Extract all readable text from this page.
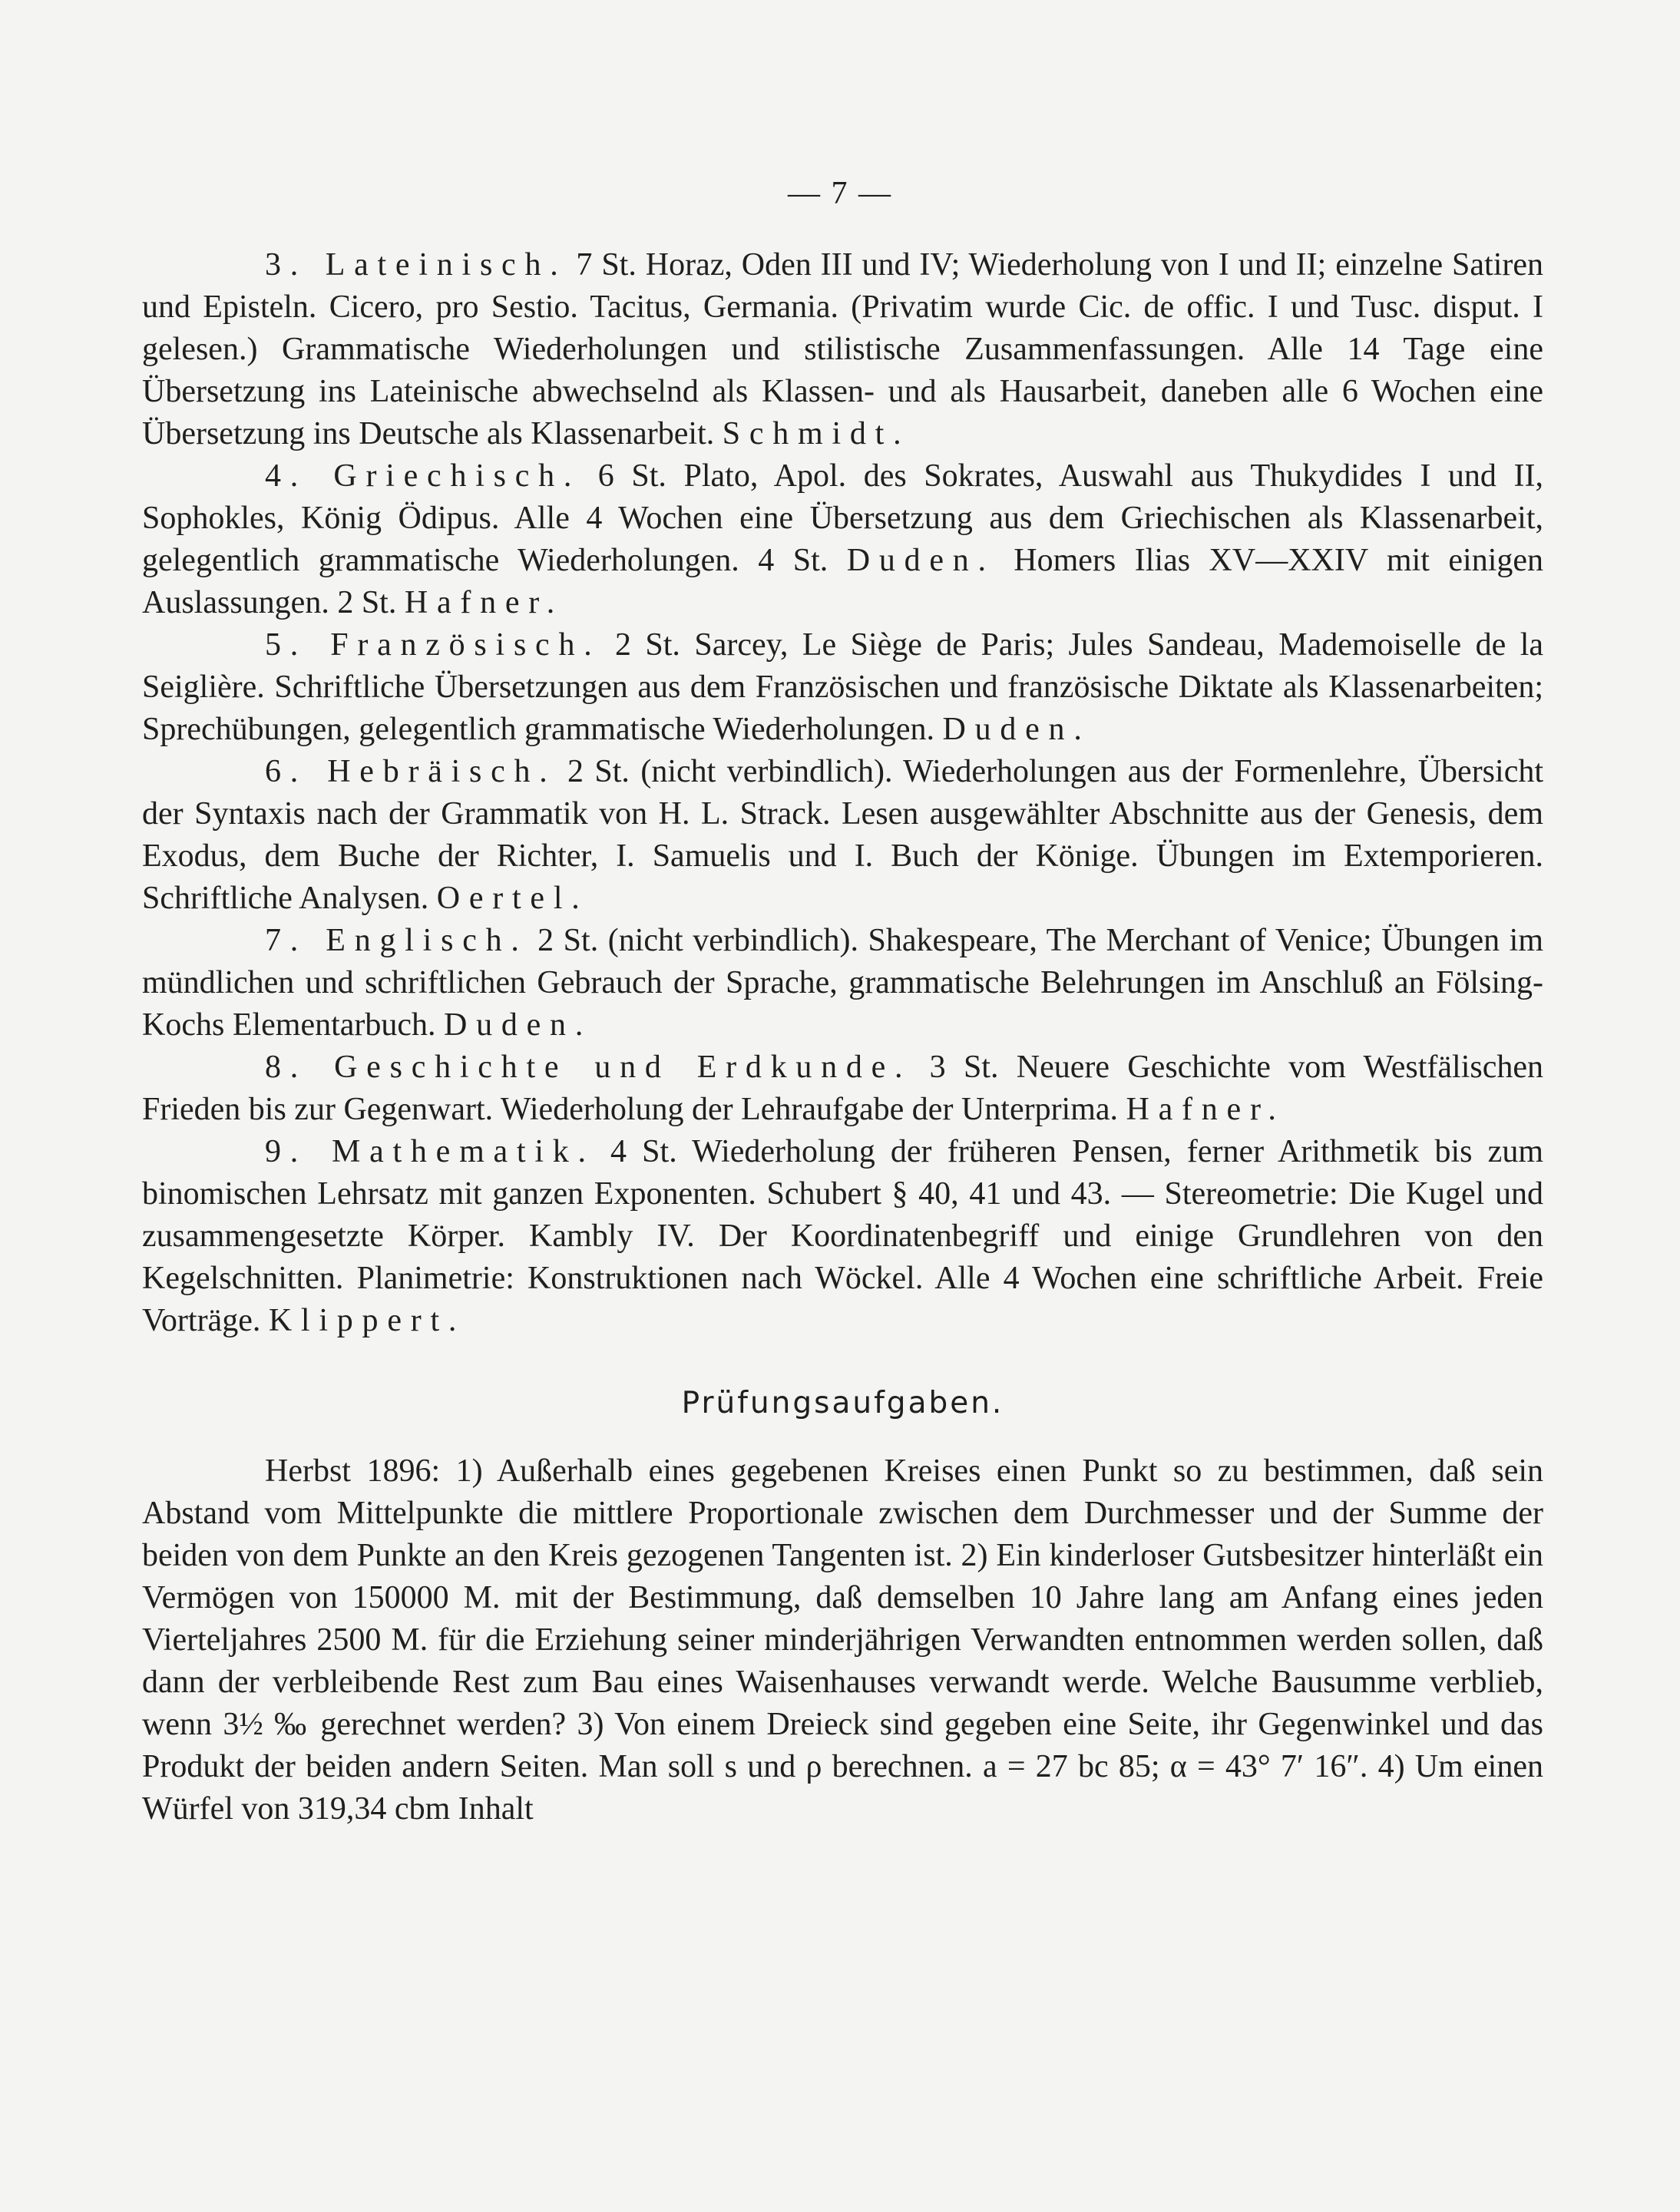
— 7 —

3. Lateinisch. 7 St. Horaz, Oden III und IV; Wiederholung von I und II; einzelne Satiren und Episteln. Cicero, pro Sestio. Tacitus, Germania. (Privatim wurde Cic. de offic. I und Tusc. disput. I gelesen.) Grammatische Wiederholungen und stilistische Zusammenfassungen. Alle 14 Tage eine Übersetzung ins Lateinische abwechselnd als Klassen- und als Hausarbeit, daneben alle 6 Wochen eine Übersetzung ins Deutsche als Klassenarbeit. Schmidt.

4. Griechisch. 6 St. Plato, Apol. des Sokrates, Auswahl aus Thukydides I und II, Sophokles, König Ödipus. Alle 4 Wochen eine Übersetzung aus dem Griechischen als Klassenarbeit, gelegentlich grammatische Wiederholungen. 4 St. Duden. Homers Ilias XV—XXIV mit einigen Auslassungen. 2 St. Hafner.

5. Französisch. 2 St. Sarcey, Le Siège de Paris; Jules Sandeau, Mademoiselle de la Seiglière. Schriftliche Übersetzungen aus dem Französischen und französische Diktate als Klassenarbeiten; Sprechübungen, gelegentlich grammatische Wiederholungen. Duden.

6. Hebräisch. 2 St. (nicht verbindlich). Wiederholungen aus der Formenlehre, Übersicht der Syntaxis nach der Grammatik von H. L. Strack. Lesen ausgewählter Abschnitte aus der Genesis, dem Exodus, dem Buche der Richter, I. Samuelis und I. Buch der Könige. Übungen im Extemporieren. Schriftliche Analysen. Oertel.

7. Englisch. 2 St. (nicht verbindlich). Shakespeare, The Merchant of Venice; Übungen im mündlichen und schriftlichen Gebrauch der Sprache, grammatische Belehrungen im Anschluß an Fölsing-Kochs Elementarbuch. Duden.

8. Geschichte und Erdkunde. 3 St. Neuere Geschichte vom Westfälischen Frieden bis zur Gegenwart. Wiederholung der Lehraufgabe der Unterprima. Hafner.

9. Mathematik. 4 St. Wiederholung der früheren Pensen, ferner Arithmetik bis zum binomischen Lehrsatz mit ganzen Exponenten. Schubert § 40, 41 und 43. — Stereometrie: Die Kugel und zusammengesetzte Körper. Kambly IV. Der Koordinatenbegriff und einige Grundlehren von den Kegelschnitten. Planimetrie: Konstruktionen nach Wöckel. Alle 4 Wochen eine schriftliche Arbeit. Freie Vorträge. Klippert.

Prüfungsaufgaben.

Herbst 1896: 1) Außerhalb eines gegebenen Kreises einen Punkt so zu bestimmen, daß sein Abstand vom Mittelpunkte die mittlere Proportionale zwischen dem Durchmesser und der Summe der beiden von dem Punkte an den Kreis gezogenen Tangenten ist. 2) Ein kinderloser Gutsbesitzer hinterläßt ein Vermögen von 150000 M. mit der Bestimmung, daß demselben 10 Jahre lang am Anfang eines jeden Vierteljahres 2500 M. für die Erziehung seiner minderjährigen Verwandten entnommen werden sollen, daß dann der verbleibende Rest zum Bau eines Waisenhauses verwandt werde. Welche Bausumme verblieb, wenn 3½ ‰ gerechnet werden? 3) Von einem Dreieck sind gegeben eine Seite, ihr Gegenwinkel und das Produkt der beiden andern Seiten. Man soll s und ρ berechnen. a = 27 bc 85; α = 43° 7′ 16″. 4) Um einen Würfel von 319,34 cbm Inhalt
